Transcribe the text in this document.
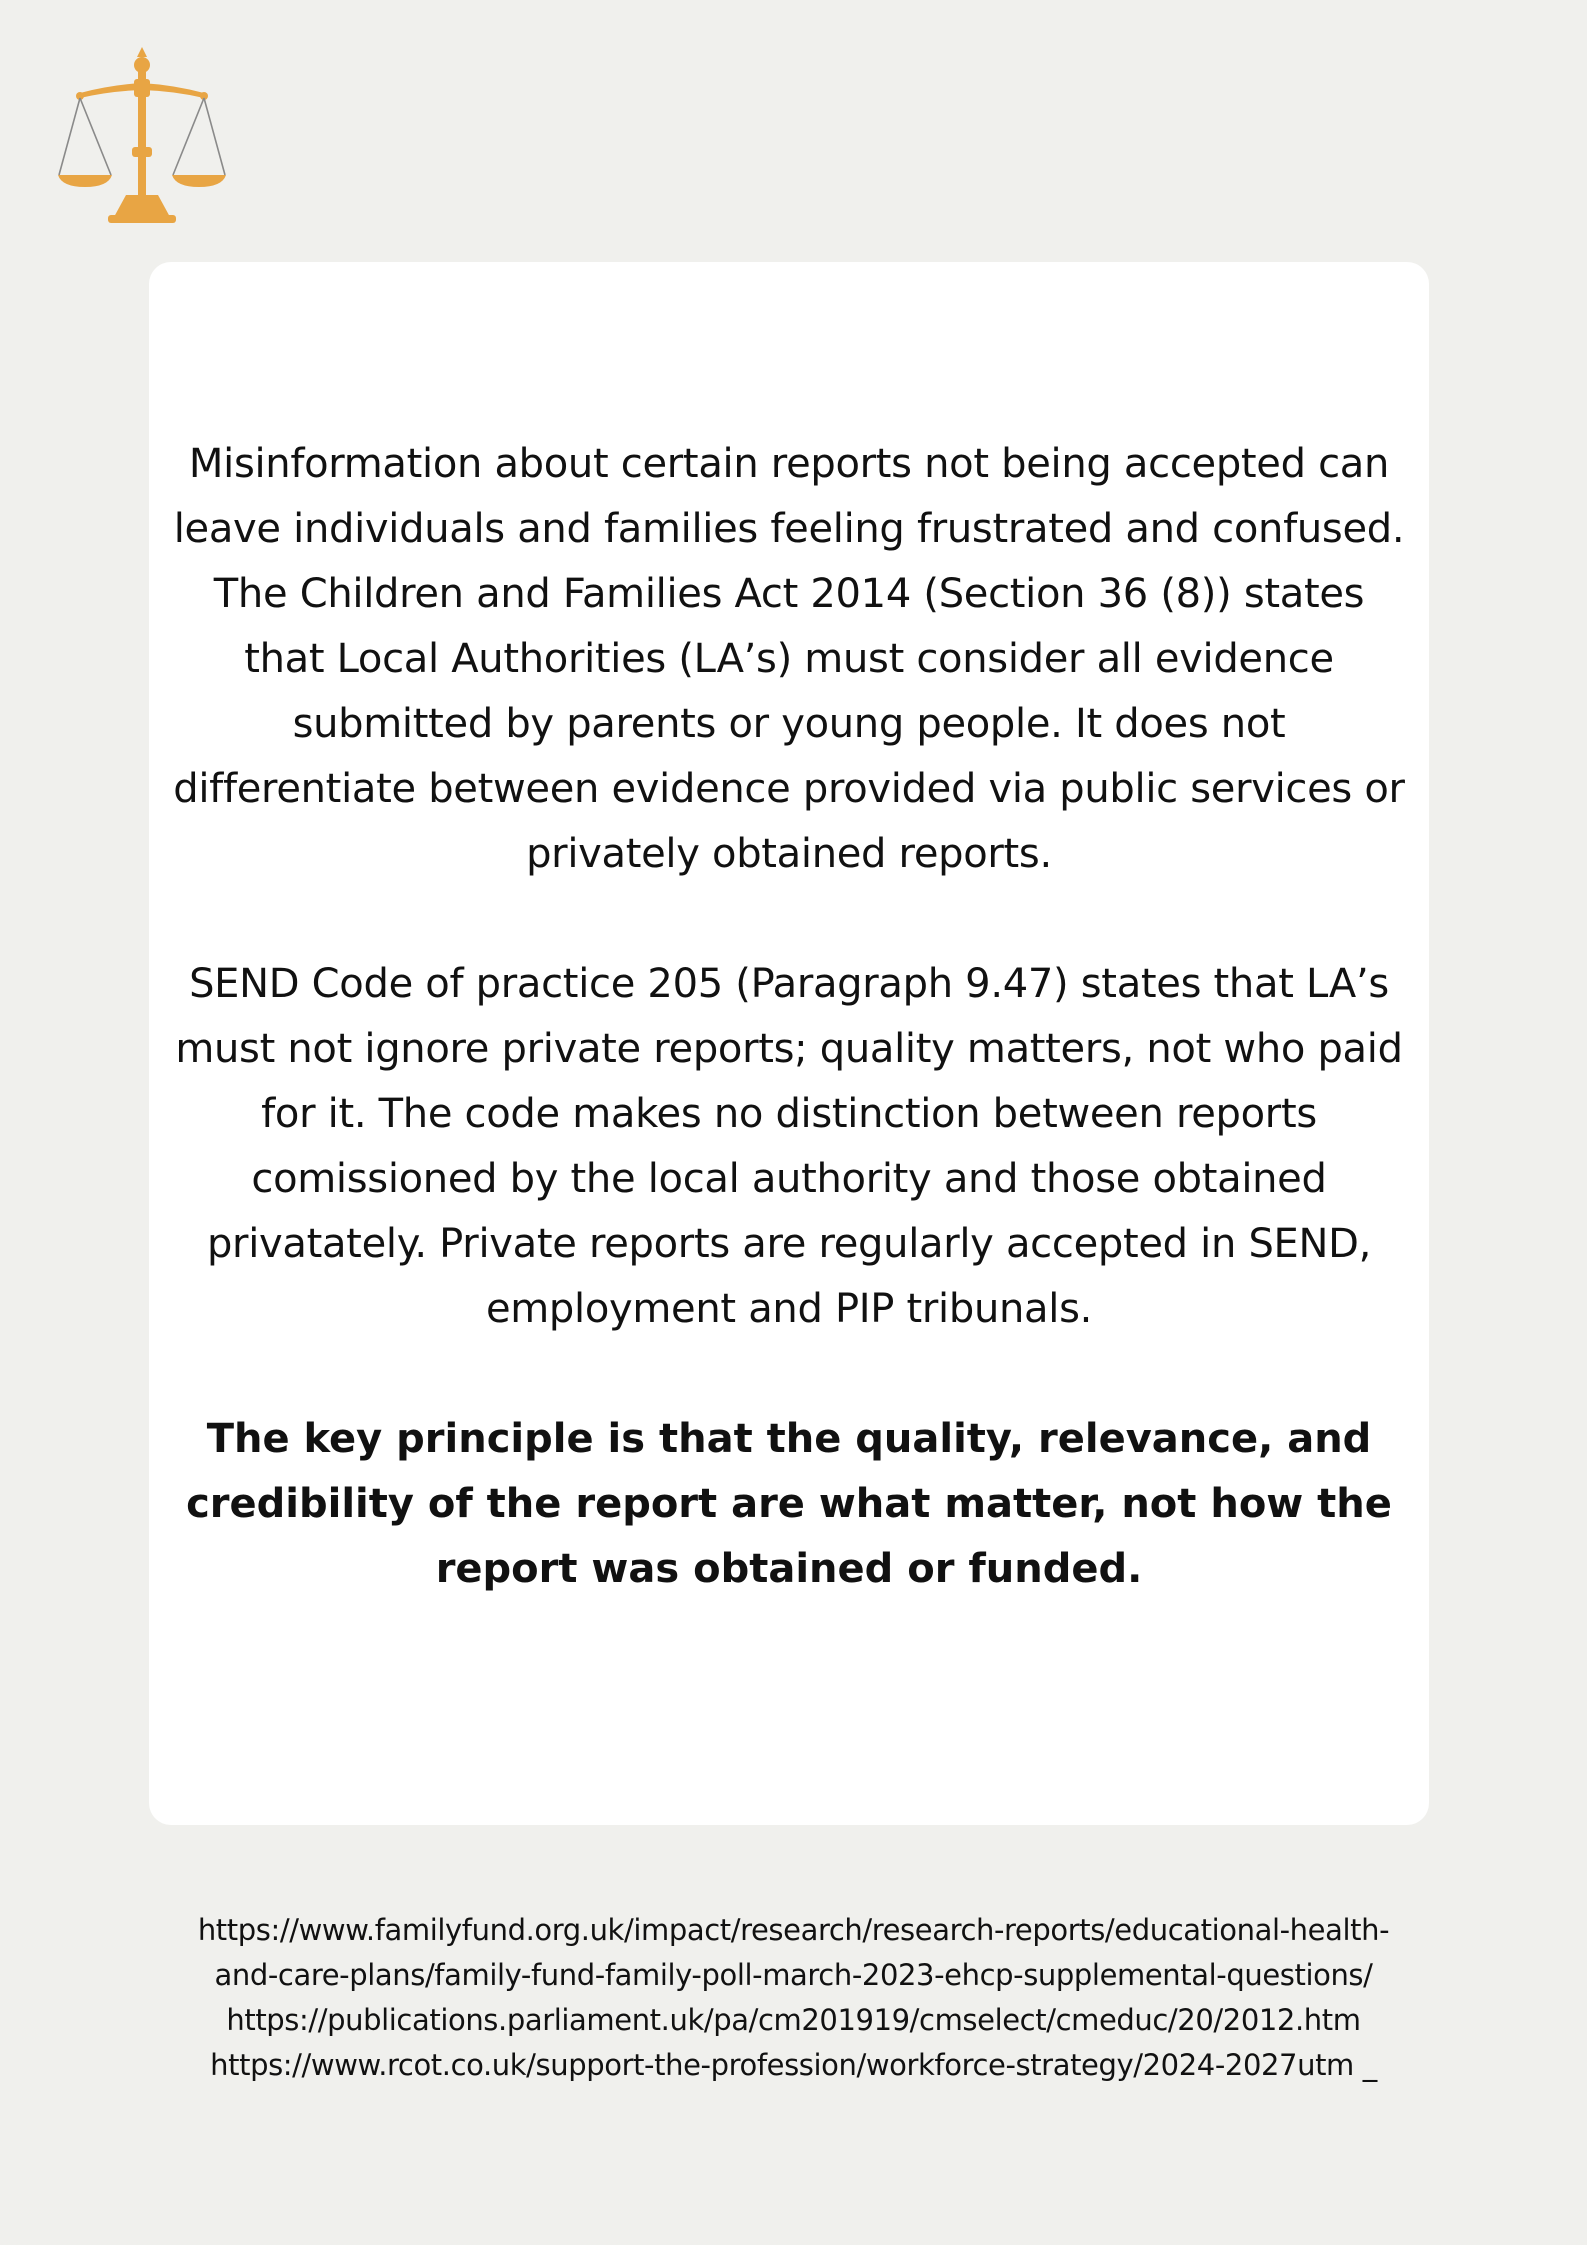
Misinformation about certain reports not being accepted can leave individuals and families feeling frustrated and confused. The Children and Families Act 2014 (Section 36 (8)) states that Local Authorities (LA’s) must consider all evidence submitted by parents or young people. It does not differentiate between evidence provided via public services or privately obtained reports.

SEND Code of practice 205 (Paragraph 9.47) states that LA’s must not ignore private reports; quality matters, not who paid for it. The code makes no distinction between reports comissioned by the local authority and those obtained privatately. Private reports are regularly accepted in SEND, employment and PIP tribunals.

The key principle is that the quality, relevance, and credibility of the report are what matter, not how the report was obtained or funded.

https://www.familyfund.org.uk/impact/research/research-reports/educational-health-
and-care-plans/family-fund-family-poll-march-2023-ehcp-supplemental-questions/
https://publications.parliament.uk/pa/cm201919/cmselect/cmeduc/20/2012.htm
https://www.rcot.co.uk/support-the-profession/workforce-strategy/2024-2027utm _
